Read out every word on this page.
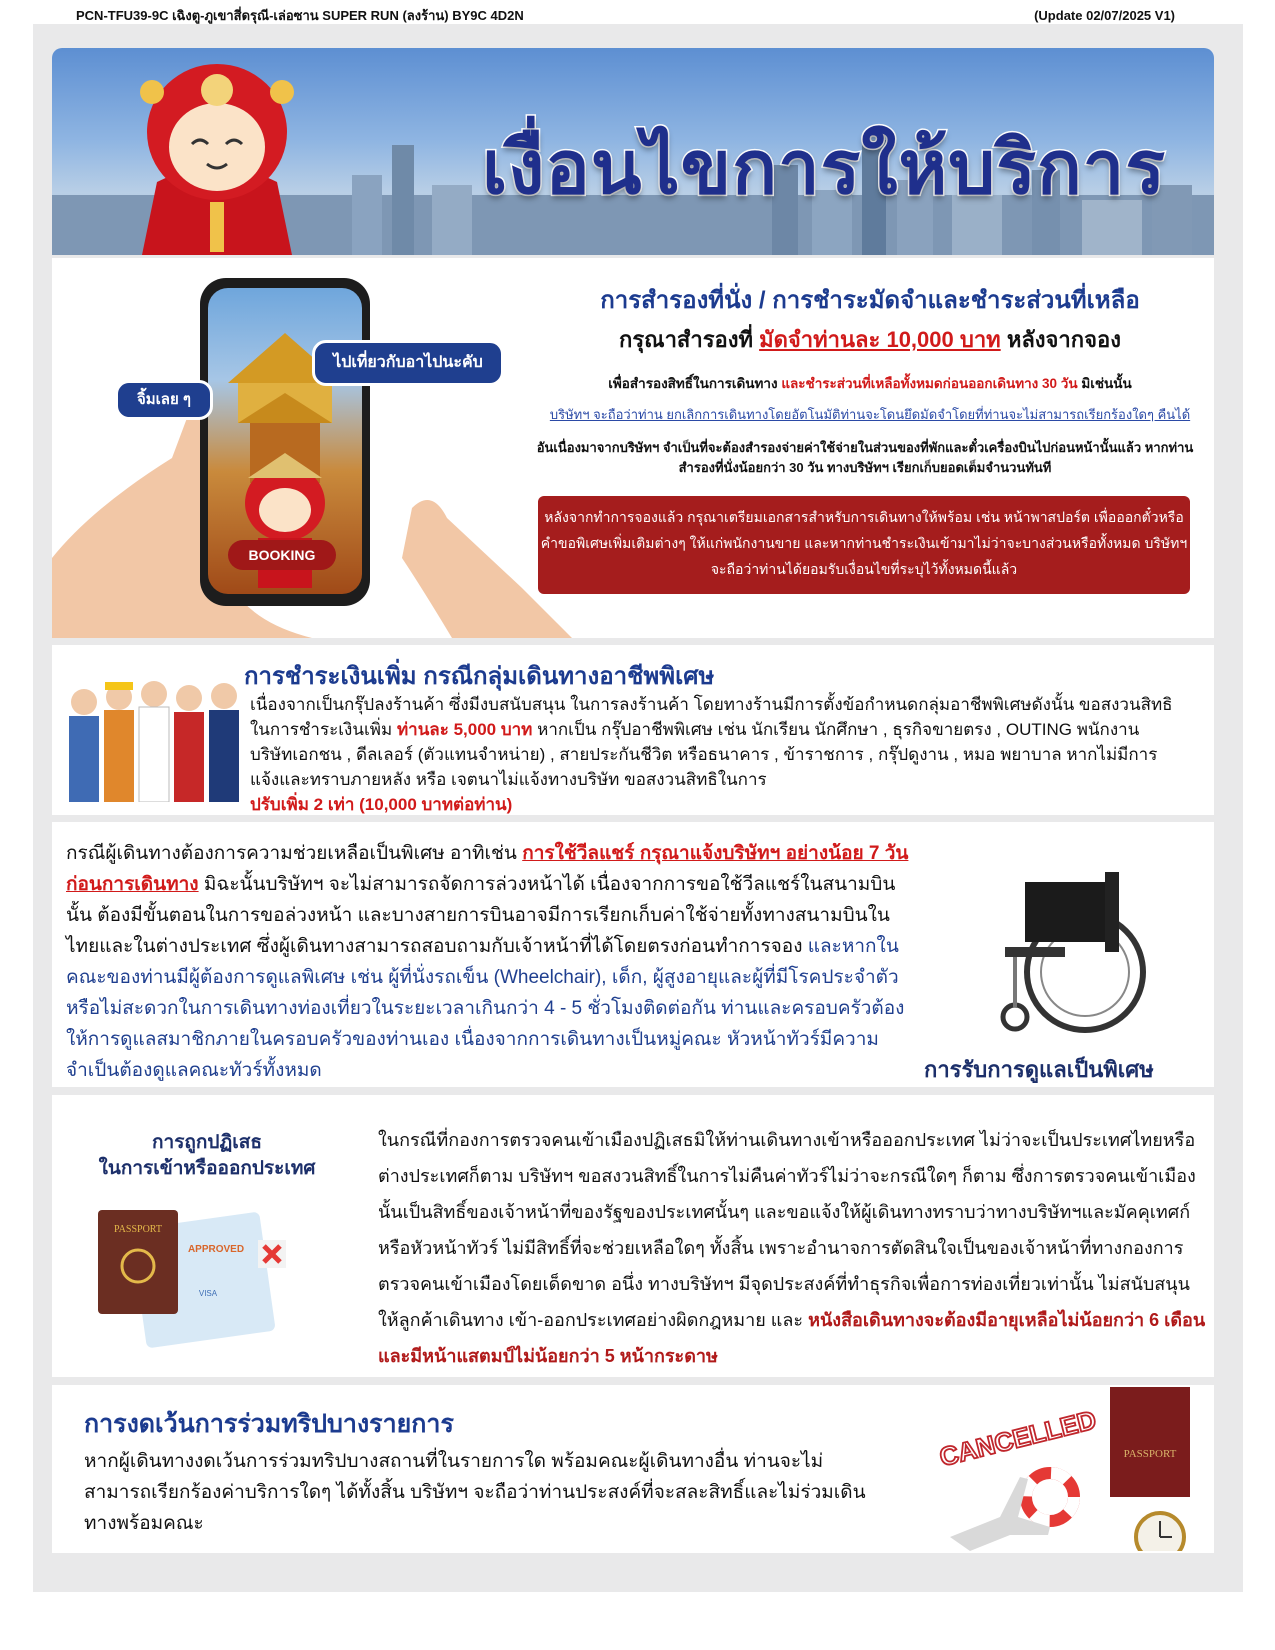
PCN-TFU39-9C เฉิงตู-ภูเขาสี่ดรุณี-เล่อซาน SUPER RUN (ลงร้าน) BY9C 4D2N	(Update 02/07/2025 V1)
เงื่อนไขการให้บริการ
ไปเที่ยวกับอาไปนะคับ
จิ้มเลย ๆ
BOOKING
การสำรองที่นั่ง / การชำระมัดจำและชำระส่วนที่เหลือ
กรุณาสำรองที่ มัดจำท่านละ 10,000 บาท หลังจากจอง
เพื่อสำรองสิทธิ์ในการเดินทาง และชำระส่วนที่เหลือทั้งหมดก่อนออกเดินทาง 30 วัน มิเช่นนั้น
บริษัทฯ จะถือว่าท่าน ยกเลิกการเดินทางโดยอัตโนมัติท่านจะโดนยึดมัดจำโดยที่ท่านจะไม่สามารถเรียกร้องใดๆ คืนได้
อันเนื่องมาจากบริษัทฯ จำเป็นที่จะต้องสำรองจ่ายค่าใช้จ่ายในส่วนของที่พักและตั๋วเครื่องบินไปก่อนหน้านั้นแล้ว หากท่านสำรองที่นั่งน้อยกว่า 30 วัน ทางบริษัทฯ เรียกเก็บยอดเต็มจำนวนทันที
หลังจากทำการจองแล้ว กรุณาเตรียมเอกสารสำหรับการเดินทางให้พร้อม เช่น หน้าพาสปอร์ต เพื่อออกตั๋วหรือคำขอพิเศษเพิ่มเติมต่างๆ ให้แก่พนักงานขาย และหากท่านชำระเงินเข้ามาไม่ว่าจะบางส่วนหรือทั้งหมด บริษัทฯ จะถือว่าท่านได้ยอมรับเงื่อนไขที่ระบุไว้ทั้งหมดนี้แล้ว
การชำระเงินเพิ่ม กรณีกลุ่มเดินทางอาชีพพิเศษ
เนื่องจากเป็นกรุ๊ปลงร้านค้า ซึ่งมีงบสนับสนุน ในการลงร้านค้า โดยทางร้านมีการตั้งข้อกำหนดกลุ่มอาชีพพิเศษดังนั้น ขอสงวนสิทธิในการชำระเงินเพิ่ม ท่านละ 5,000 บาท หากเป็น กรุ๊ปอาชีพพิเศษ เช่น นักเรียน นักศึกษา , ธุรกิจขายตรง , OUTING พนักงานบริษัทเอกชน , ดีลเลอร์ (ตัวแทนจำหน่าย) , สายประกันชีวิต หรือธนาคาร , ข้าราชการ , กรุ๊ปดูงาน , หมอ พยาบาล หากไม่มีการแจ้งและทราบภายหลัง หรือ เจตนาไม่แจ้งทางบริษัท ขอสงวนสิทธิในการ
ปรับเพิ่ม 2 เท่า (10,000 บาทต่อท่าน)
กรณีผู้เดินทางต้องการความช่วยเหลือเป็นพิเศษ อาทิเช่น การใช้วีลแชร์ กรุณาแจ้งบริษัทฯ อย่างน้อย 7 วันก่อนการเดินทาง มิฉะนั้นบริษัทฯ จะไม่สามารถจัดการล่วงหน้าได้ เนื่องจากการขอใช้วีลแชร์ในสนามบินนั้น ต้องมีขั้นตอนในการขอล่วงหน้า และบางสายการบินอาจมีการเรียกเก็บค่าใช้จ่ายทั้งทางสนามบินในไทยและในต่างประเทศ ซึ่งผู้เดินทางสามารถสอบถามกับเจ้าหน้าที่ได้โดยตรงก่อนทำการจอง และหากในคณะของท่านมีผู้ต้องการดูแลพิเศษ เช่น ผู้ที่นั่งรถเข็น (Wheelchair), เด็ก, ผู้สูงอายุและผู้ที่มีโรคประจำตัว หรือไม่สะดวกในการเดินทางท่องเที่ยวในระยะเวลาเกินกว่า 4 - 5 ชั่วโมงติดต่อกัน ท่านและครอบครัวต้องให้การดูแลสมาชิกภายในครอบครัวของท่านเอง เนื่องจากการเดินทางเป็นหมู่คณะ หัวหน้าทัวร์มีความจำเป็นต้องดูแลคณะทัวร์ทั้งหมด	การรับการดูแลเป็นพิเศษ
การถูกปฏิเสธ
ในการเข้าหรือออกประเทศ
PASSPORT
APPROVED
VISA
ในกรณีที่กองการตรวจคนเข้าเมืองปฏิเสธมิให้ท่านเดินทางเข้าหรือออกประเทศ ไม่ว่าจะเป็นประเทศไทยหรือต่างประเทศก็ตาม บริษัทฯ ขอสงวนสิทธิ์ในการไม่คืนค่าทัวร์ไม่ว่าจะกรณีใดๆ ก็ตาม ซึ่งการตรวจคนเข้าเมืองนั้นเป็นสิทธิ์ของเจ้าหน้าที่ของรัฐของประเทศนั้นๆ และขอแจ้งให้ผู้เดินทางทราบว่าทางบริษัทฯและมัคคุเทศก์หรือหัวหน้าทัวร์ ไม่มีสิทธิ์ที่จะช่วยเหลือใดๆ ทั้งสิ้น เพราะอำนาจการตัดสินใจเป็นของเจ้าหน้าที่ทางกองการตรวจคนเข้าเมืองโดยเด็ดขาด อนึ่ง ทางบริษัทฯ มีจุดประสงค์ที่ทำธุรกิจเพื่อการท่องเที่ยวเท่านั้น ไม่สนับสนุนให้ลูกค้าเดินทาง เข้า-ออกประเทศอย่างผิดกฎหมาย และ หนังสือเดินทางจะต้องมีอายุเหลือไม่น้อยกว่า 6 เดือนและมีหน้าแสตมป์ไม่น้อยกว่า 5 หน้ากระดาษ
การงดเว้นการร่วมทริปบางรายการ
หากผู้เดินทางงดเว้นการร่วมทริปบางสถานที่ในรายการใด พร้อมคณะผู้เดินทางอื่น ท่านจะไม่สามารถเรียกร้องค่าบริการใดๆ ได้ทั้งสิ้น บริษัทฯ จะถือว่าท่านประสงค์ที่จะสละสิทธิ์และไม่ร่วมเดินทางพร้อมคณะ
PASSPORT
CANCELLED
